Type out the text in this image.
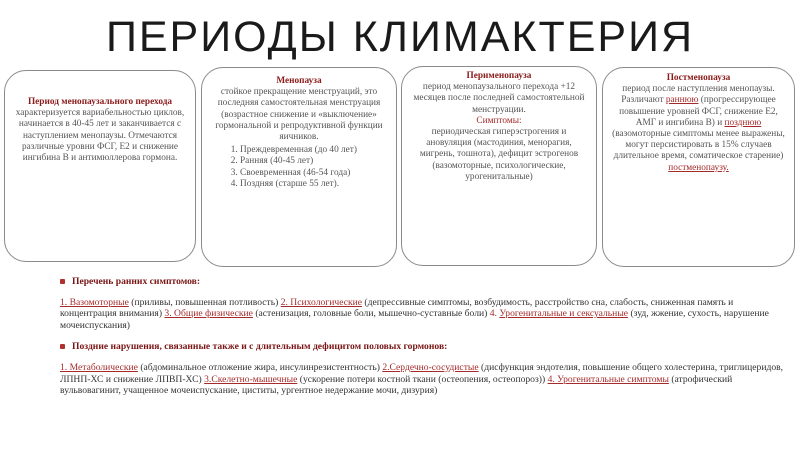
ПЕРИОДЫ КЛИМАКТЕРИЯ
Период менопаузального перехода
характеризуется вариабельностью циклов, начинается в 40-45 лет и заканчивается с наступлением менопаузы. Отмечаются различные уровни ФСГ, Е2 и снижение ингибина В и антимюллерова гормона.
Менопауза
стойкое прекращение менструаций, это последняя самостоятельная менструация (возрастное снижение и «выключение» гормональной и репродуктивной функции яичников.
1. Преждевременная (до 40 лет)
2. Ранняя (40-45 лет)
3. Своевременная (46-54 года)
4. Поздняя (старше 55 лет).
Перименопауза
период менопаузального перехода +12 месяцев после последней самостоятельной менструации.
Симптомы:
периодическая гиперэстрогения и ановуляция (мастодиния, менорагия, мигрень, тошнота), дефицит эстрогенов (вазомоторные, психологические, урогенитальные)
Постменопауза
период после наступления менопаузы.
Различают раннюю (прогрессирующее повышение уровней ФСГ, снижение Е2, АМГ и ингибина В) и позднюю (вазомоторные симптомы менее выражены, могут персистировать в 15% случаев длительное время, соматическое старение) постменопаузу.
Перечень ранних симптомов:

1. Вазомоторные (приливы, повышенная потливость) 2. Психологические (депрессивные симптомы, возбудимость, расстройство сна, слабость, сниженная память и концентрация внимания) 3. Общие физические (астенизация, головные боли, мышечно-суставные боли) 4. Урогенитальные и сексуальные (зуд, жжение, сухость, нарушение мочеиспускания)

Поздние нарушения, связанные также и с длительным дефицитом половых гормонов:

1. Метаболические (абдоминальное отложение жира, инсулинрезистентность) 2.Сердечно-сосудистые (дисфункция эндотелия, повышение общего холестерина, триглицеридов, ЛПНП-ХС и снижение ЛПВП-ХС) 3.Скелетно-мышечные (ускорение потери костной ткани (остеопения, остеопороз)) 4. Урогенитальные симптомы (атрофический вульвовагинит, учащенное мочеиспускание, циститы, ургентное недержание мочи, дизурия)
